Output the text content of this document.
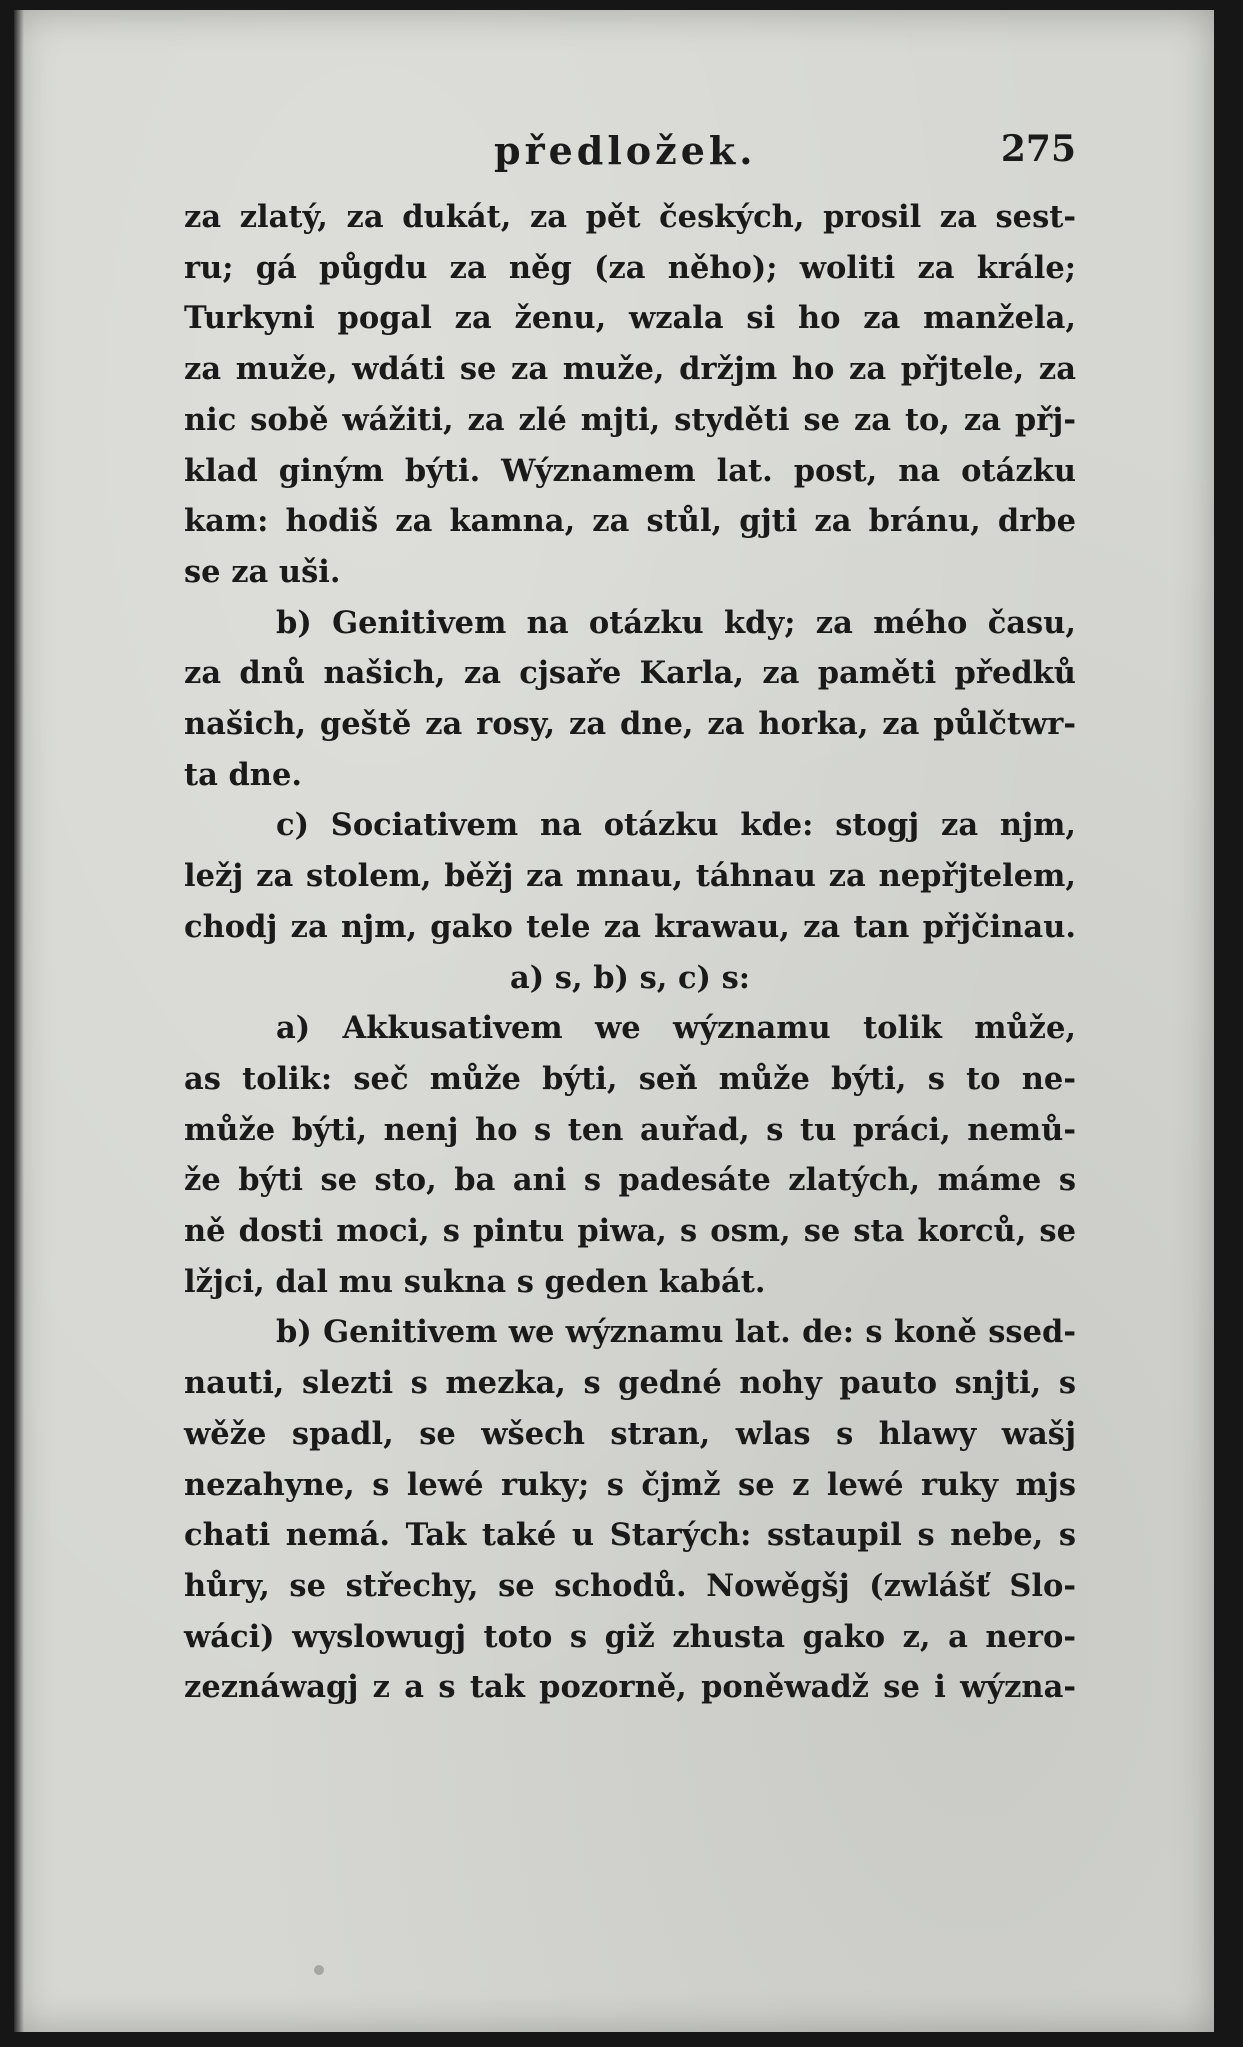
předložek.	275
za zlatý, za dukát, za pět českých, prosil za sest-
ru; gá půgdu za něg (za něho); woliti za krále;
Turkyni pogal za ženu, wzala si ho za manžela,
za muže, wdáti se za muže, držjm ho za přjtele, za
nic sobě wážiti, za zlé mjti, styděti se za to, za přj-
klad giným býti. Wýznamem lat. post, na otázku
kam: hodiš za kamna, za stůl, gjti za bránu, drbe
se za uši.
b) Genitivem na otázku kdy; za mého času,
za dnů našich, za cjsaře Karla, za paměti předků
našich, geště za rosy, za dne, za horka, za půlčtwr-
ta dne.
c) Sociativem na otázku kde: stogj za njm,
ležj za stolem, běžj za mnau, táhnau za nepřjtelem,
chodj za njm, gako tele za krawau, za tan přjčinau.
a) s, b) s, c) s:
a) Akkusativem we wýznamu tolik může,
as tolik: seč může býti, seň může býti, s to ne-
může býti, nenj ho s ten auřad, s tu práci, nemů-
že býti se sto, ba ani s padesáte zlatých, máme s
ně dosti moci, s pintu piwa, s osm, se sta korců, se
lžjci, dal mu sukna s geden kabát.
b) Genitivem we wýznamu lat. de: s koně ssed-
nauti, slezti s mezka, s gedné nohy pauto snjti, s
wěže spadl, se wšech stran, wlas s hlawy wašj
nezahyne, s lewé ruky; s čjmž se z lewé ruky mjs
chati nemá. Tak také u Starých: sstaupil s nebe, s
hůry, se střechy, se schodů. Nowěgšj (zwlášť Slo-
wáci) wyslowugj toto s giž zhusta gako z, a nero-
zeznáwagj z a s tak pozorně, poněwadž se i wýzna-
